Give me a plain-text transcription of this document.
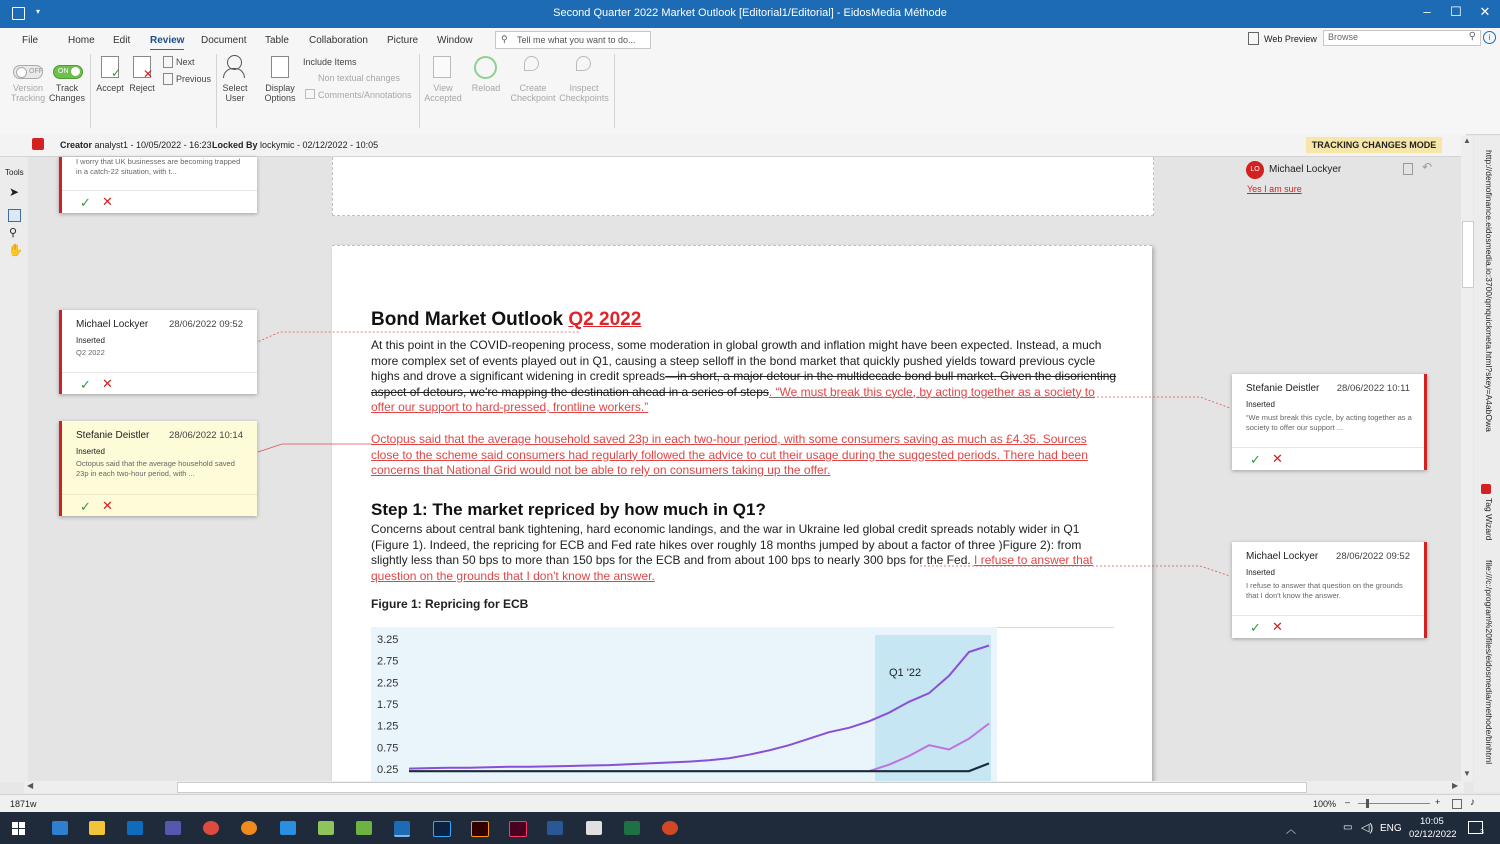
▾	Second Quarter 2022 Market Outlook [Editorial1/Editorial] - EidosMedia Méthode	–	☐	✕
File	Home Edit Review Document Table Collaboration Picture Window	Web Preview	i
⚲ Tell me what you want to do...	Browse	⚲
OFF
Version Tracking
ON
Track Changes
✓
Accept
✕
Reject
Next
Previous
Select User
Display Options
Include Items
Non textual changes
Comments/Annotations
View Accepted
Reload	Create Checkpoint
Inspect Checkpoints
Creator analyst1 - 10/05/2022 - 16:23 Locked By lockymic - 02/12/2022 - 10:05	TRACKING CHANGES MODE
Tools
➤
⚲
✋
Bond Market Outlook Q2 2022
At this point in the COVID-reopening process, some moderation in global growth and inflation might have been expected. Instead, a much more complex set of events played out in Q1, causing a steep selloff in the bond market that quickly pushed yields toward previous cycle highs and drove a significant widening in credit spreads—in short, a major detour in the multidecade bond bull market. Given the disorienting aspect of detours, we're mapping the destination ahead in a series of steps. “We must break this cycle, by acting together as a society to offer our support to hard-pressed, frontline workers.”
Octopus said that the average household saved 23p in each two-hour period, with some consumers saving as much as £4.35. Sources close to the scheme said consumers had regularly followed the advice to cut their usage during the suggested periods. There had been concerns that National Grid would not be able to rely on consumers taking up the offer.
Step 1: The market repriced by how much in Q1?
Concerns about central bank tightening, hard economic landings, and the war in Ukraine led global credit spreads notably wider in Q1 (Figure 1). Indeed, the repricing for ECB and Fed rate hikes over roughly 18 months jumped by about a factor of three )Figure 2): from slightly less than 50 bps to more than 150 bps for the ECB and from about 100 bps to nearly 300 bps for the Fed. I refuse to answer that question on the grounds that I don't know the answer.
Figure 1: Repricing for ECB
3.25
2.75
2.25
1.75
1.25
0.75
0.25
Q1 '22
I worry that UK businesses are becoming trapped in a catch-22 situation, with t...
✓ ✕
Michael Lockyer 28/06/2022 09:52
Inserted
Q2 2022
✓ ✕
Stefanie Deistler 28/06/2022 10:14
Inserted
Octopus said that the average household saved 23p in each two-hour period, with ...
✓ ✕
LO Michael Lockyer	↶
Yes I am sure
Stefanie Deistler 28/06/2022 10:11
Inserted
“We must break this cycle, by acting together as a society to offer our support ...
✓ ✕
Michael Lockyer 28/06/2022 09:52
Inserted
I refuse to answer that question on the grounds that I don't know the answer.
✓ ✕
▲
▼
◀	▶
http://demofinance.eidosmedia.io:3700/qmquickmeta.html?skey=A4abOwa
Tag Wizard
file:///c:/program%20files/eidosmedia/methode/binhtml
1871w	100% –	+	♪
︿	▭ ◁) ENG
10:05
02/12/2022	3
